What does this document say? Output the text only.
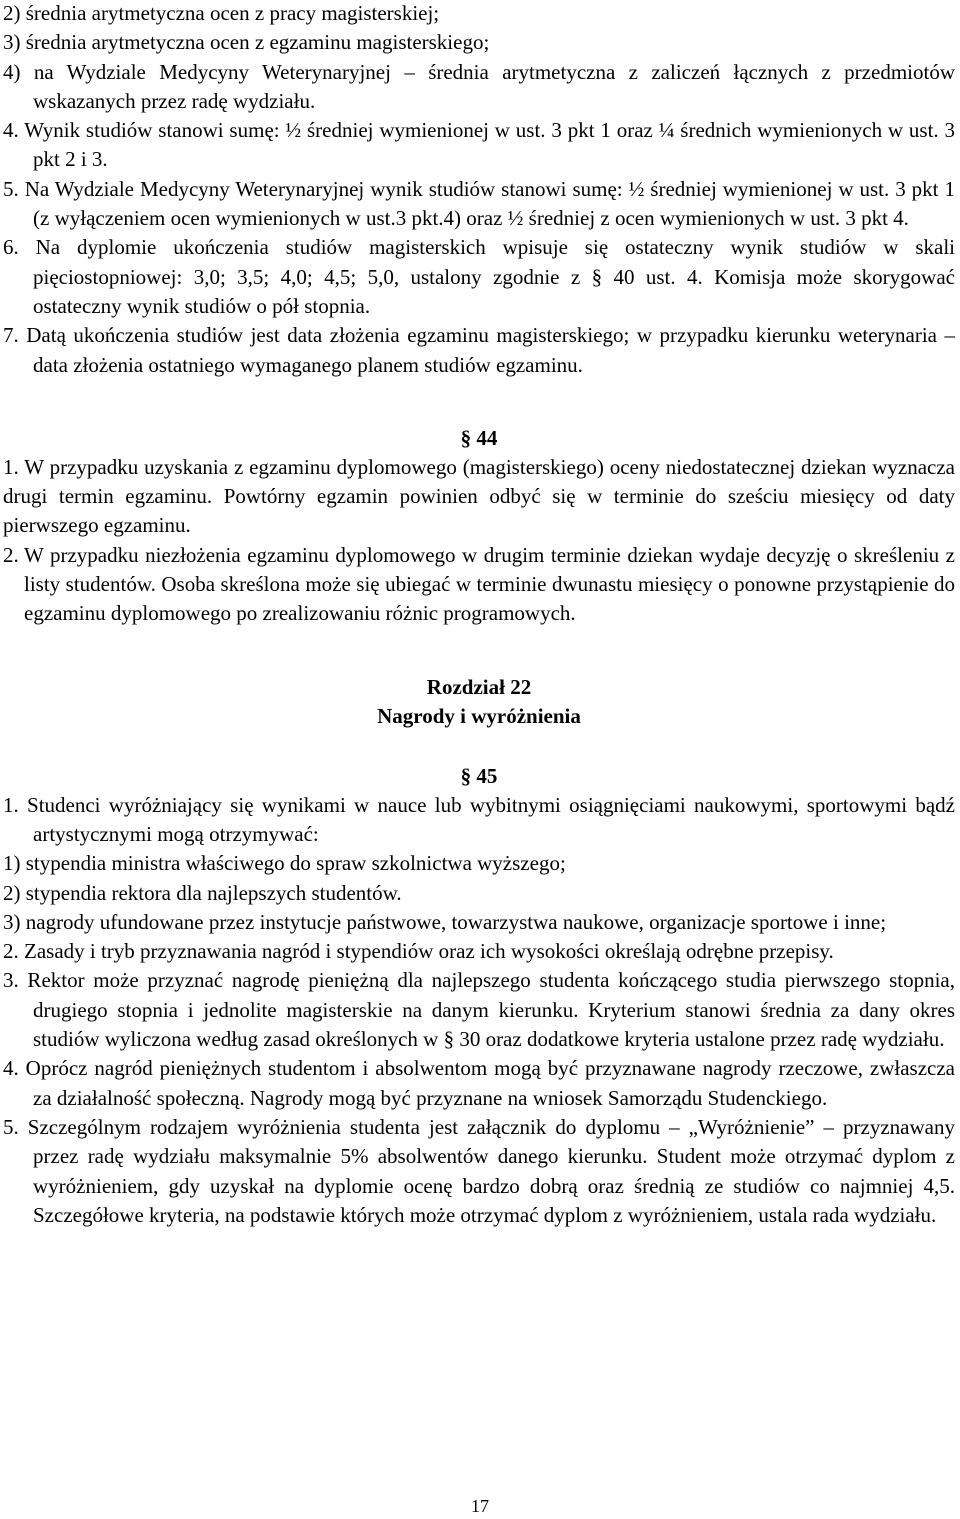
2) średnia arytmetyczna ocen z pracy magisterskiej;
3) średnia arytmetyczna ocen z egzaminu magisterskiego;
4) na Wydziale Medycyny Weterynaryjnej – średnia arytmetyczna z zaliczeń łącznych z przedmiotów wskazanych przez radę wydziału.
4. Wynik studiów stanowi sumę: ½ średniej wymienionej w ust. 3 pkt 1 oraz ¼ średnich wymienionych w ust. 3 pkt 2 i 3.
5. Na Wydziale Medycyny Weterynaryjnej wynik studiów stanowi sumę: ½ średniej wymienionej w ust. 3 pkt 1 (z wyłączeniem ocen wymienionych w ust.3 pkt.4) oraz ½ średniej z ocen wymienionych w ust. 3 pkt 4.
6. Na dyplomie ukończenia studiów magisterskich wpisuje się ostateczny wynik studiów w skali pięciostopniowej: 3,0; 3,5; 4,0; 4,5; 5,0, ustalony zgodnie z § 40 ust. 4. Komisja może skorygować ostateczny wynik studiów o pół stopnia.
7. Datą ukończenia studiów jest data złożenia egzaminu magisterskiego; w przypadku kierunku weterynaria – data złożenia ostatniego wymaganego planem studiów egzaminu.
§ 44
1. W przypadku uzyskania z egzaminu dyplomowego (magisterskiego) oceny niedostatecznej dziekan wyznacza drugi termin egzaminu. Powtórny egzamin powinien odbyć się w terminie do sześciu miesięcy od daty pierwszego egzaminu.
2. W przypadku niezłożenia egzaminu dyplomowego w drugim terminie dziekan wydaje decyzję o skreśleniu z listy studentów. Osoba skreślona może się ubiegać w terminie dwunastu miesięcy o ponowne przystąpienie do egzaminu dyplomowego po zrealizowaniu różnic programowych.
Rozdział 22
Nagrody i wyróżnienia
§ 45
1. Studenci wyróżniający się wynikami w nauce lub wybitnymi osiągnięciami naukowymi, sportowymi bądź artystycznymi mogą otrzymywać:
1) stypendia ministra właściwego do spraw szkolnictwa wyższego;
2) stypendia rektora dla najlepszych studentów.
3) nagrody ufundowane przez instytucje państwowe, towarzystwa naukowe, organizacje sportowe i inne;
2. Zasady i tryb przyznawania nagród i stypendiów oraz ich wysokości określają odrębne przepisy.
3. Rektor może przyznać nagrodę pieniężną dla najlepszego studenta kończącego studia pierwszego stopnia, drugiego stopnia i jednolite magisterskie na danym kierunku. Kryterium stanowi średnia za dany okres studiów wyliczona według zasad określonych w § 30 oraz dodatkowe kryteria ustalone przez radę wydziału.
4. Oprócz nagród pieniężnych studentom i absolwentom mogą być przyznawane nagrody rzeczowe, zwłaszcza za działalność społeczną. Nagrody mogą być przyznane na wniosek Samorządu Studenckiego.
5. Szczególnym rodzajem wyróżnienia studenta jest załącznik do dyplomu – „Wyróżnienie” – przyznawany przez radę wydziału maksymalnie 5% absolwentów danego kierunku. Student może otrzymać dyplom z wyróżnieniem, gdy uzyskał na dyplomie ocenę bardzo dobrą oraz średnią ze studiów co najmniej 4,5. Szczegółowe kryteria, na podstawie których może otrzymać dyplom z wyróżnieniem, ustala rada wydziału.
17
